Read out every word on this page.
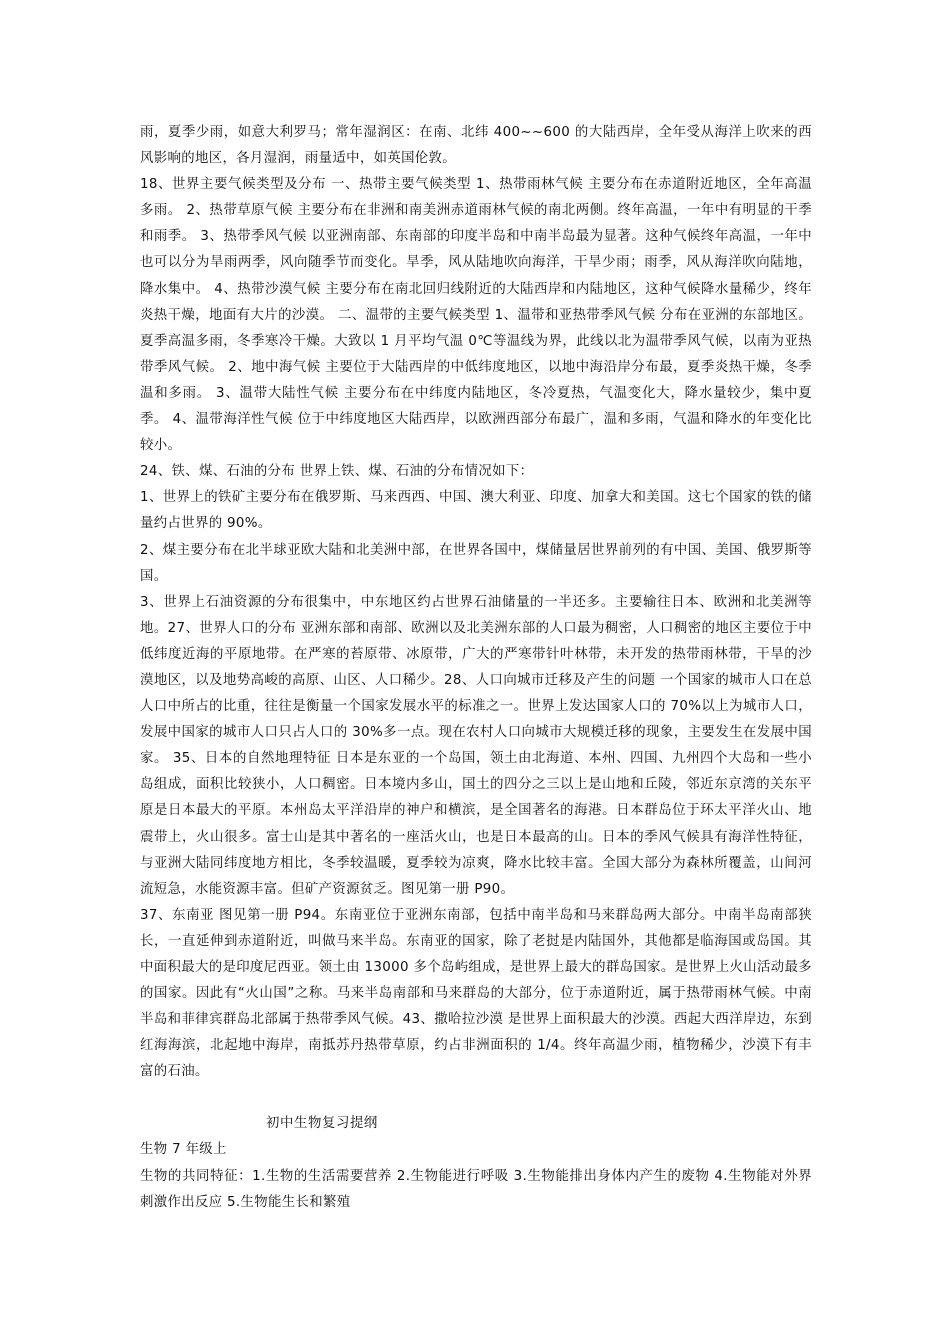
雨，夏季少雨，如意大利罗马；常年湿润区：在南、北纬 400~~600 的大陆西岸，全年受从海洋上吹来的西风影响的地区，各月湿润，雨量适中，如英国伦敦。

18、世界主要气候类型及分布 一、热带主要气候类型 1、热带雨林气候 主要分布在赤道附近地区，全年高温多雨。 2、热带草原气候 主要分布在非洲和南美洲赤道雨林气候的南北两侧。终年高温，一年中有明显的干季和雨季。 3、热带季风气候 以亚洲南部、东南部的印度半岛和中南半岛最为显著。这种气候终年高温，一年中也可以分为旱雨两季，风向随季节而变化。旱季，风从陆地吹向海洋，干旱少雨；雨季，风从海洋吹向陆地，降水集中。 4、热带沙漠气候 主要分布在南北回归线附近的大陆西岸和内陆地区，这种气候降水量稀少，终年炎热干燥，地面有大片的沙漠。 二、温带的主要气候类型 1、温带和亚热带季风气候 分布在亚洲的东部地区。夏季高温多雨，冬季寒冷干燥。大致以 1 月平均气温 0℃等温线为界，此线以北为温带季风气候，以南为亚热带季风气候。 2、地中海气候 主要位于大陆西岸的中低纬度地区，以地中海沿岸分布最，夏季炎热干燥，冬季温和多雨。 3、温带大陆性气候 主要分布在中纬度内陆地区，冬冷夏热，气温变化大，降水量较少，集中夏季。 4、温带海洋性气候 位于中纬度地区大陆西岸，以欧洲西部分布最广，温和多雨，气温和降水的年变化比较小。

24、铁、煤、石油的分布 世界上铁、煤、石油的分布情况如下：

1、世界上的铁矿主要分布在俄罗斯、马来西西、中国、澳大利亚、印度、加拿大和美国。这七个国家的铁的储量约占世界的 90%。

2、煤主要分布在北半球亚欧大陆和北美洲中部，在世界各国中，煤储量居世界前列的有中国、美国、俄罗斯等国。

3、世界上石油资源的分布很集中，中东地区约占世界石油储量的一半还多。主要输往日本、欧洲和北美洲等地。27、世界人口的分布 亚洲东部和南部、欧洲以及北美洲东部的人口最为稠密，人口稠密的地区主要位于中低纬度近海的平原地带。在严寒的苔原带、冰原带，广大的严寒带针叶林带，未开发的热带雨林带，干旱的沙漠地区，以及地势高峻的高原、山区、人口稀少。28、人口向城市迁移及产生的问题 一个国家的城市人口在总人口中所占的比重，往往是衡量一个国家发展水平的标准之一。世界上发达国家人口的 70%以上为城市人口，发展中国家的城市人口只占人口的 30%多一点。现在农村人口向城市大规模迁移的现象，主要发生在发展中国家。 35、日本的自然地理特征 日本是东亚的一个岛国，领土由北海道、本州、四国、九州四个大岛和一些小岛组成，面积比较狭小，人口稠密。日本境内多山，国土的四分之三以上是山地和丘陵，邻近东京湾的关东平原是日本最大的平原。本州岛太平洋沿岸的神户和横滨，是全国著名的海港。日本群岛位于环太平洋火山、地震带上，火山很多。富士山是其中著名的一座活火山，也是日本最高的山。日本的季风气候具有海洋性特征，与亚洲大陆同纬度地方相比，冬季较温暖，夏季较为凉爽，降水比较丰富。全国大部分为森林所覆盖，山间河流短急，水能资源丰富。但矿产资源贫乏。图见第一册 P90。

37、东南亚 图见第一册 P94。东南亚位于亚洲东南部，包括中南半岛和马来群岛两大部分。中南半岛南部狭长，一直延伸到赤道附近，叫做马来半岛。东南亚的国家，除了老挝是内陆国外，其他都是临海国或岛国。其中面积最大的是印度尼西亚。领土由 13000 多个岛屿组成，是世界上最大的群岛国家。是世界上火山活动最多的国家。因此有“火山国”之称。马来半岛南部和马来群岛的大部分，位于赤道附近，属于热带雨林气候。中南半岛和菲律宾群岛北部属于热带季风气候。43、撒哈拉沙漠 是世界上面积最大的沙漠。西起大西洋岸边，东到红海海滨，北起地中海岸，南抵苏丹热带草原，约占非洲面积的 1/4。终年高温少雨，植物稀少，沙漠下有丰富的石油。

初中生物复习提纲

生物 7 年级上

生物的共同特征：1.生物的生活需要营养 2.生物能进行呼吸 3.生物能排出身体内产生的废物 4.生物能对外界刺激作出反应 5.生物能生长和繁殖
